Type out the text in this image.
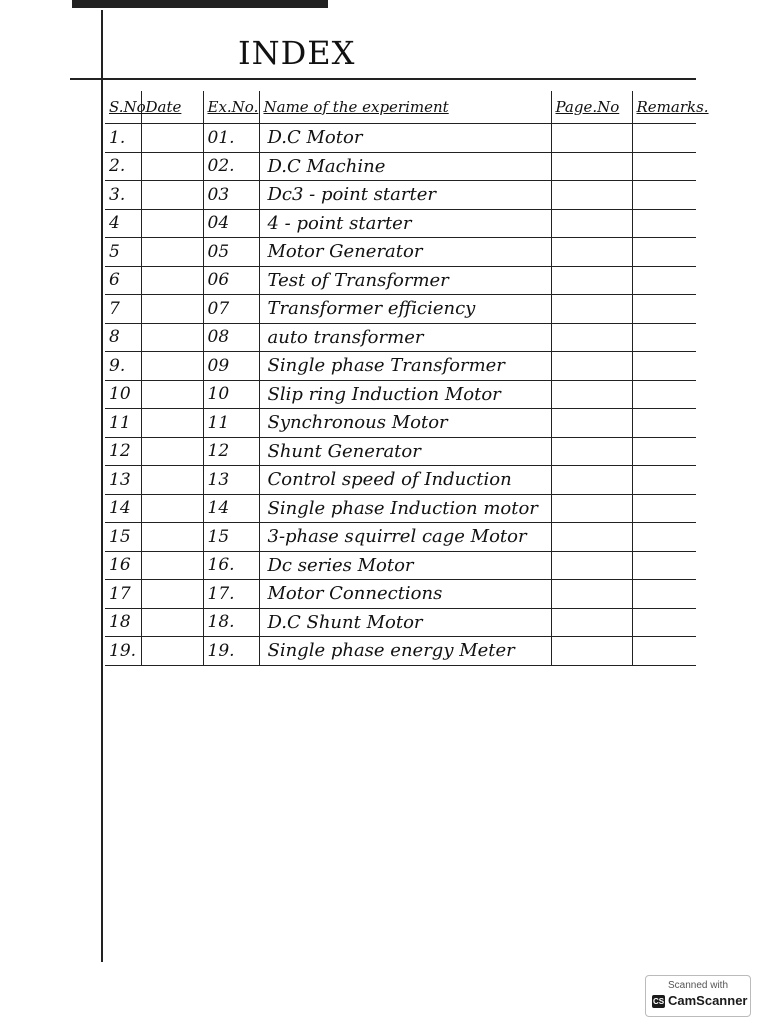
INDEX
S.No	Date	Ex.No.	Name of the experiment	Page.No	Remarks.
1.		01.	D.C Motor		
2.		02.	D.C Machine		
3.		03	Dc3 - point starter		
4		04	4 - point starter		
5		05	Motor Generator		
6		06	Test of Transformer		
7		07	Transformer efficiency		
8		08	auto transformer		
9.		09	Single phase Transformer		
10		10	Slip ring Induction Motor		
11		11	Synchronous Motor		
12		12	Shunt Generator		
13		13	Control speed of Induction		
14		14	Single phase Induction motor		
15		15	3-phase squirrel cage Motor		
16		16.	Dc series Motor		
17		17.	Motor Connections		
18		18.	D.C Shunt Motor		
19.		19.	Single phase energy Meter		
Scanned with
CS CamScanner
